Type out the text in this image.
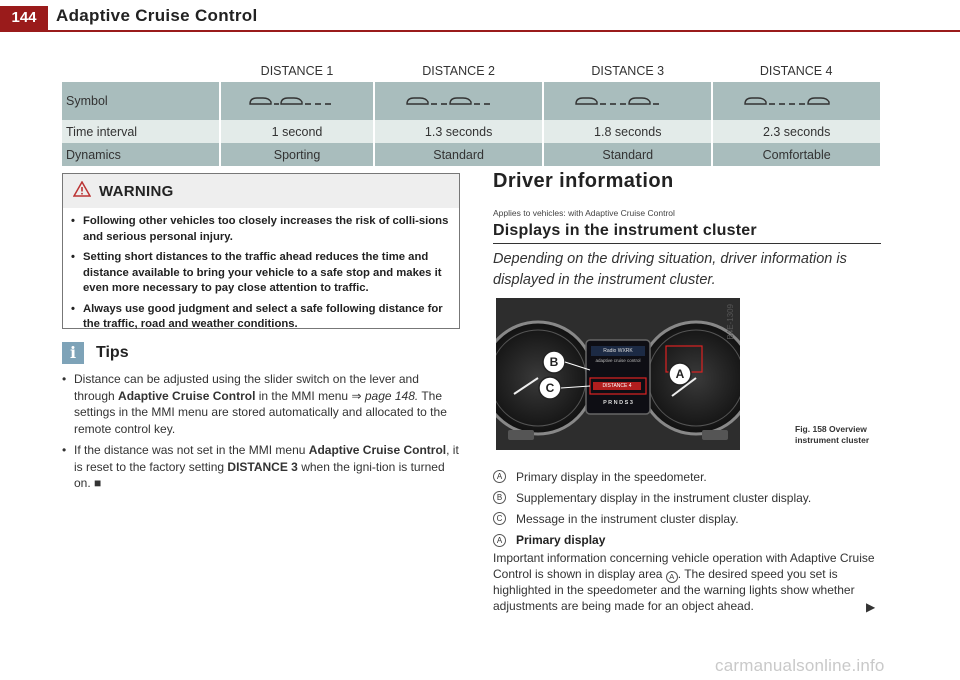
144	Adaptive Cruise Control
	DISTANCE 1	DISTANCE 2	DISTANCE 3	DISTANCE 4
Symbol	

Time interval	1 second	1.3 seconds	1.8 seconds	2.3 seconds
Dynamics	Sporting	Standard	Standard	Comfortable
WARNING
• Following other vehicles too closely increases the risk of colli-sions and serious personal injury.
• Setting short distances to the traffic ahead reduces the time and distance available to bring your vehicle to a safe stop and makes it even more necessary to pay close attention to traffic.
• Always use good judgment and select a safe following distance for the traffic, road and weather conditions.
i	Tips
• Distance can be adjusted using the slider switch on the lever and through Adaptive Cruise Control in the MMI menu ⇒ page 148. The settings in the MMI menu are stored automatically and allocated to the remote control key.
• If the distance was not set in the MMI menu Adaptive Cruise Control, it is reset to the factory setting DISTANCE 3 when the igni-tion is turned on. ■
Driver information
Applies to vehicles: with Adaptive Cruise Control
Displays in the instrument cluster
Depending on the driving situation, driver information is displayed in the instrument cluster.
Radio WXRK
adaptive cruise control
DISTANCE 4
P R N D S 3
B
C
A
B4E-1309
Fig. 158 Overview
instrument cluster
A	Primary display in the speedometer.
B	Supplementary display in the instrument cluster display.
C	Message in the instrument cluster display.
A	Primary display
Important information concerning vehicle operation with Adaptive Cruise Control is shown in display area A . The desired speed you set is highlighted in the speedometer and the warning lights show whether adjustments are being made for an object ahead.	▶
carmanualsonline.info
